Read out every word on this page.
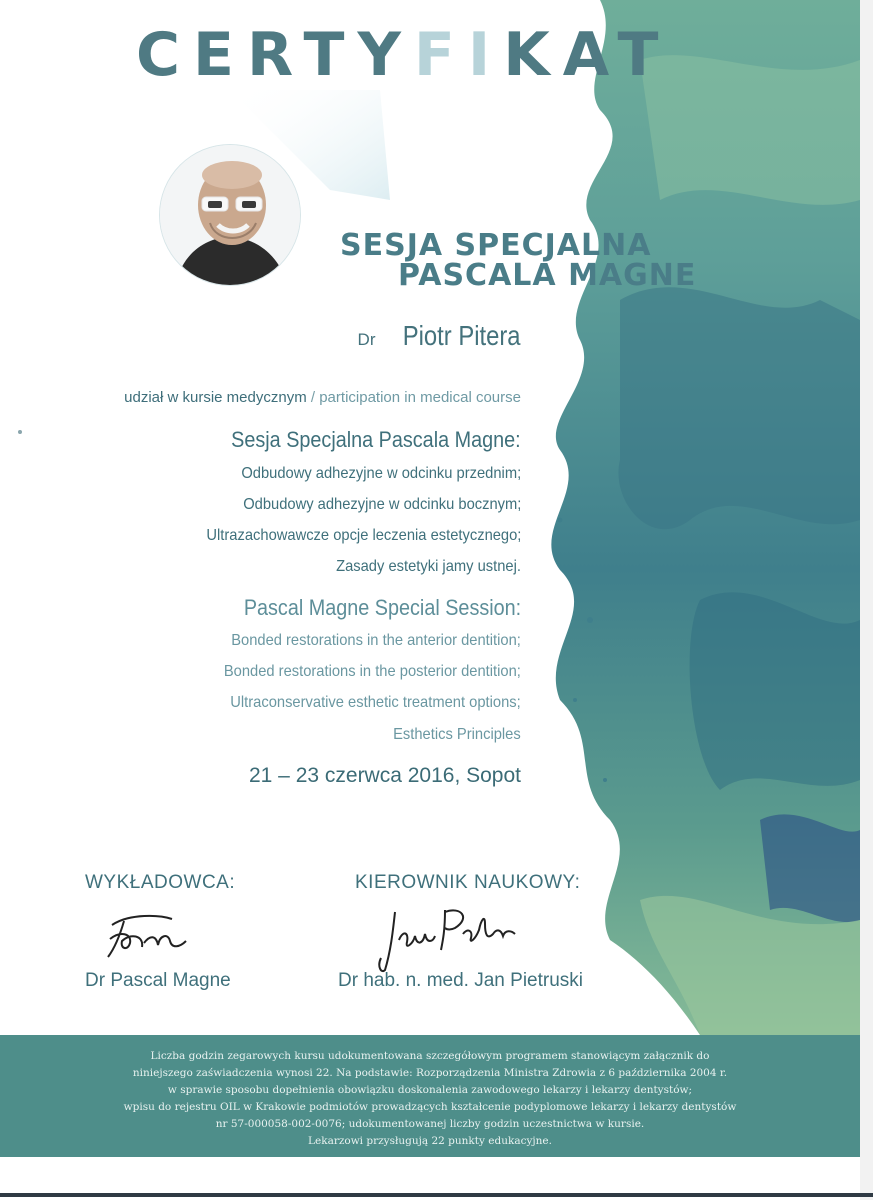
CERTYFIKAT
SESJA SPECJALNA
PASCALA MAGNE
Dr Piotr Pitera
udział w kursie medycznym / participation in medical course
Sesja Specjalna Pascala Magne:
Odbudowy adhezyjne w odcinku przednim;
Odbudowy adhezyjne w odcinku bocznym;
Ultrazachowawcze opcje leczenia estetycznego;
Zasady estetyki jamy ustnej.
Pascal Magne Special Session:
Bonded restorations in the anterior dentition;
Bonded restorations in the posterior dentition;
Ultraconservative esthetic treatment options;
Esthetics Principles
21 – 23 czerwca 2016, Sopot
WYKŁADOWCA:	KIEROWNIK NAUKOWY:
Dr Pascal Magne	Dr hab. n. med. Jan Pietruski
Liczba godzin zegarowych kursu udokumentowana szczegółowym programem stanowiącym załącznik do
niniejszego zaświadczenia wynosi 22. Na podstawie: Rozporządzenia Ministra Zdrowia z 6 października 2004 r.
w sprawie sposobu dopełnienia obowiązku doskonalenia zawodowego lekarzy i lekarzy dentystów;
wpisu do rejestru OIL w Krakowie podmiotów prowadzących kształcenie podyplomowe lekarzy i lekarzy dentystów
nr 57-000058-002-0076; udokumentowanej liczby godzin uczestnictwa w kursie.
Lekarzowi przysługują 22 punkty edukacyjne.
